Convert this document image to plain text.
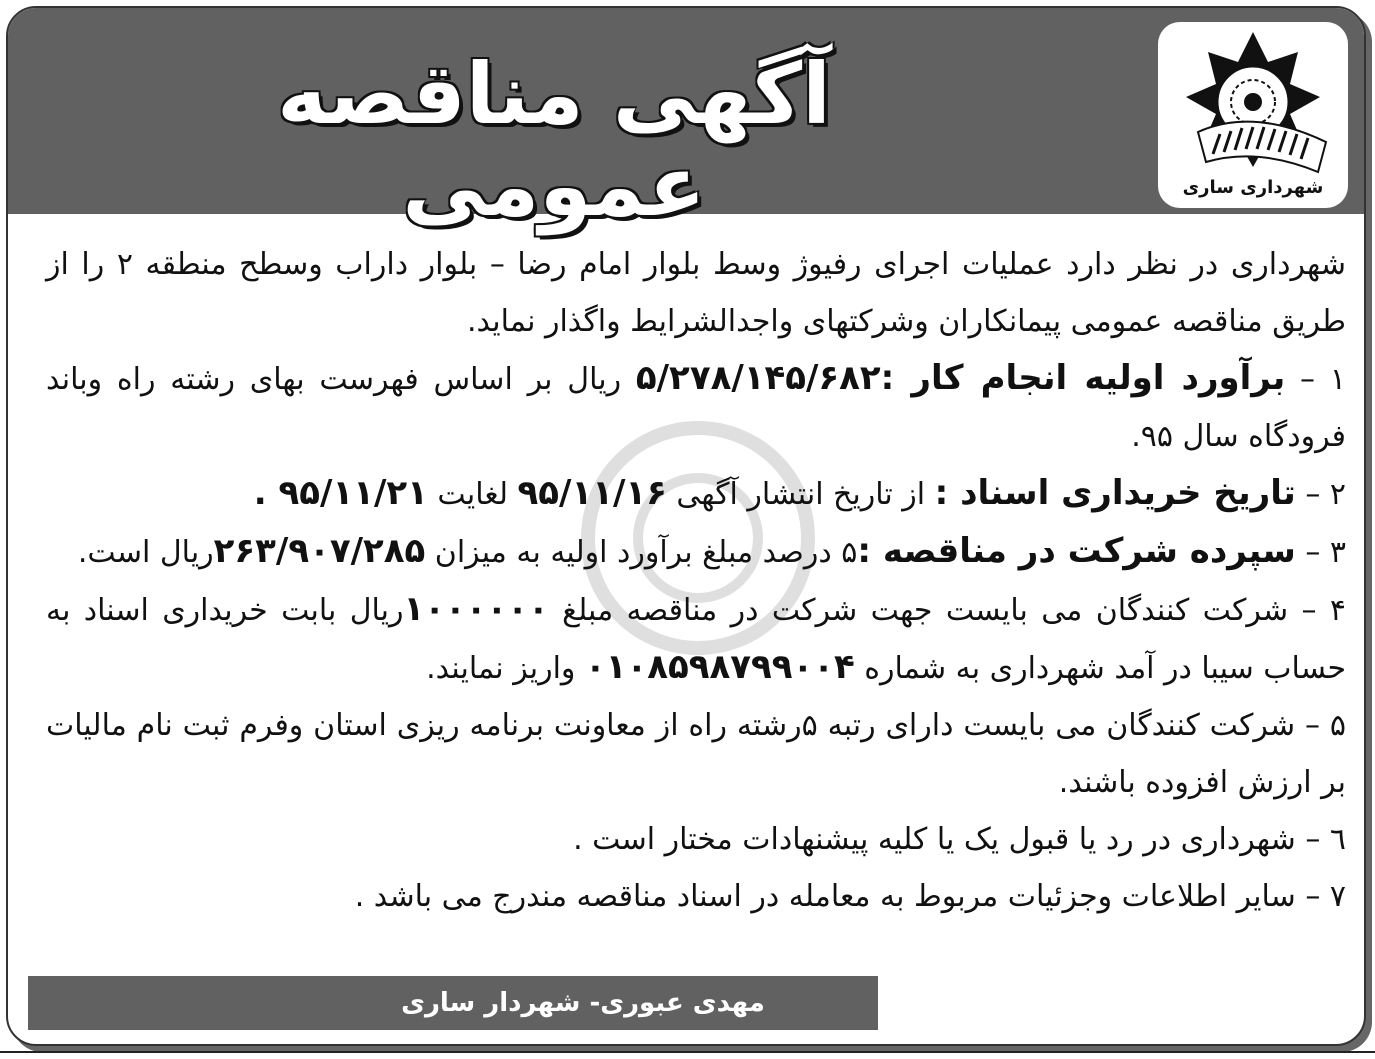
آگهی مناقصه عمومی	شهرداری ساری

شهرداری در نظر دارد عملیات اجرای رفیوژ وسط بلوار امام رضا – بلوار داراب وسطح منطقه ۲ را از طریق مناقصه عمومی پیمانکاران وشرکتهای واجدالشرایط واگذار نماید.

۱ – برآورد اولیه انجام کار :۵/۲۷۸/۱۴۵/۶۸۲ ریال بر اساس فهرست بهای رشته راه وباند فرودگاه سال ۹۵.

۲ – تاریخ خریداری اسناد : از تاریخ انتشار آگهی ۹۵/۱۱/۱۶ لغایت ۹۵/۱۱/۲۱ .

۳ – سپرده شرکت در مناقصه :۵ درصد مبلغ برآورد اولیه به میزان ۲۶۳/۹۰۷/۲۸۵ریال است.

۴ – شرکت کنندگان می بایست جهت شرکت در مناقصه مبلغ ۱۰۰۰۰۰۰ریال بابت خریداری اسناد به حساب سیبا در آمد شهرداری به شماره ۰۱۰۸۵۹۸۷۹۹۰۰۴ واریز نمایند.

۵ – شرکت کنندگان می بایست دارای رتبه ۵رشته راه از معاونت برنامه ریزی استان وفرم ثبت نام مالیات بر ارزش افزوده باشند.

٦ – شهرداری در رد یا قبول یک یا کلیه پیشنهادات مختار است .

۷ – سایر اطلاعات وجزئیات مربوط به معامله در اسناد مناقصه مندرج می باشد .

مهدی عبوری- شهردار ساری
